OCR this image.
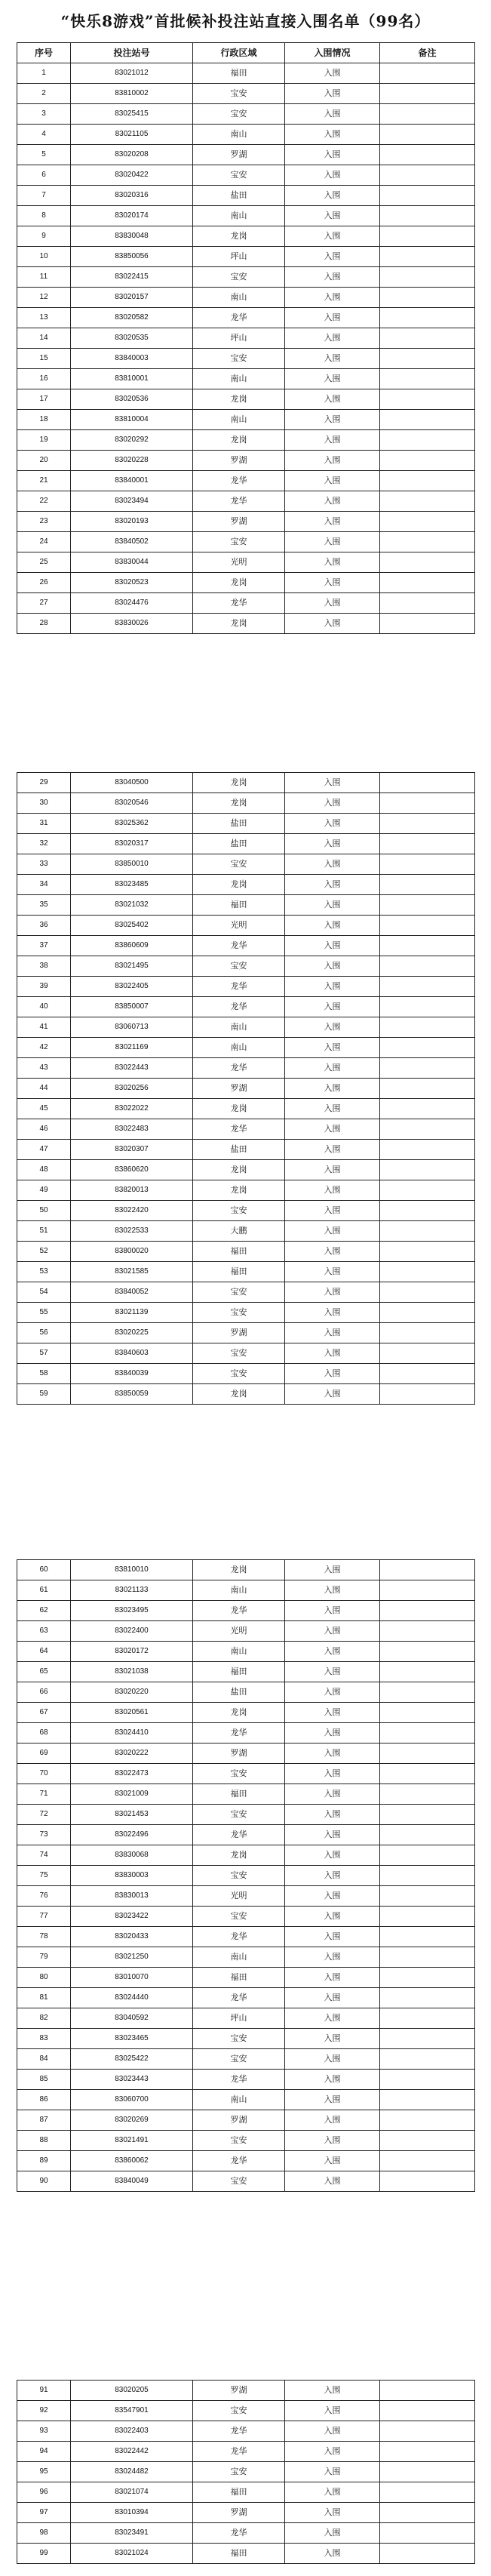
“快乐8游戏”首批候补投注站直接入围名单（99名）
序号	投注站号	行政区域	入围情况	备注
1	83021012	福田	入围	
2	83810002	宝安	入围	
3	83025415	宝安	入围	
4	83021105	南山	入围	
5	83020208	罗湖	入围	
6	83020422	宝安	入围	
7	83020316	盐田	入围	
8	83020174	南山	入围	
9	83830048	龙岗	入围	
10	83850056	坪山	入围	
11	83022415	宝安	入围	
12	83020157	南山	入围	
13	83020582	龙华	入围	
14	83020535	坪山	入围	
15	83840003	宝安	入围	
16	83810001	南山	入围	
17	83020536	龙岗	入围	
18	83810004	南山	入围	
19	83020292	龙岗	入围	
20	83020228	罗湖	入围	
21	83840001	龙华	入围	
22	83023494	龙华	入围	
23	83020193	罗湖	入围	
24	83840502	宝安	入围	
25	83830044	光明	入围	
26	83020523	龙岗	入围	
27	83024476	龙华	入围	
28	83830026	龙岗	入围	
29	83040500	龙岗	入围	
30	83020546	龙岗	入围	
31	83025362	盐田	入围	
32	83020317	盐田	入围	
33	83850010	宝安	入围	
34	83023485	龙岗	入围	
35	83021032	福田	入围	
36	83025402	光明	入围	
37	83860609	龙华	入围	
38	83021495	宝安	入围	
39	83022405	龙华	入围	
40	83850007	龙华	入围	
41	83060713	南山	入围	
42	83021169	南山	入围	
43	83022443	龙华	入围	
44	83020256	罗湖	入围	
45	83022022	龙岗	入围	
46	83022483	龙华	入围	
47	83020307	盐田	入围	
48	83860620	龙岗	入围	
49	83820013	龙岗	入围	
50	83022420	宝安	入围	
51	83022533	大鹏	入围	
52	83800020	福田	入围	
53	83021585	福田	入围	
54	83840052	宝安	入围	
55	83021139	宝安	入围	
56	83020225	罗湖	入围	
57	83840603	宝安	入围	
58	83840039	宝安	入围	
59	83850059	龙岗	入围	
60	83810010	龙岗	入围	
61	83021133	南山	入围	
62	83023495	龙华	入围	
63	83022400	光明	入围	
64	83020172	南山	入围	
65	83021038	福田	入围	
66	83020220	盐田	入围	
67	83020561	龙岗	入围	
68	83024410	龙华	入围	
69	83020222	罗湖	入围	
70	83022473	宝安	入围	
71	83021009	福田	入围	
72	83021453	宝安	入围	
73	83022496	龙华	入围	
74	83830068	龙岗	入围	
75	83830003	宝安	入围	
76	83830013	光明	入围	
77	83023422	宝安	入围	
78	83020433	龙华	入围	
79	83021250	南山	入围	
80	83010070	福田	入围	
81	83024440	龙华	入围	
82	83040592	坪山	入围	
83	83023465	宝安	入围	
84	83025422	宝安	入围	
85	83023443	龙华	入围	
86	83060700	南山	入围	
87	83020269	罗湖	入围	
88	83021491	宝安	入围	
89	83860062	龙华	入围	
90	83840049	宝安	入围	
91	83020205	罗湖	入围	
92	83547901	宝安	入围	
93	83022403	龙华	入围	
94	83022442	龙华	入围	
95	83024482	宝安	入围	
96	83021074	福田	入围	
97	83010394	罗湖	入围	
98	83023491	龙华	入围	
99	83021024	福田	入围	
